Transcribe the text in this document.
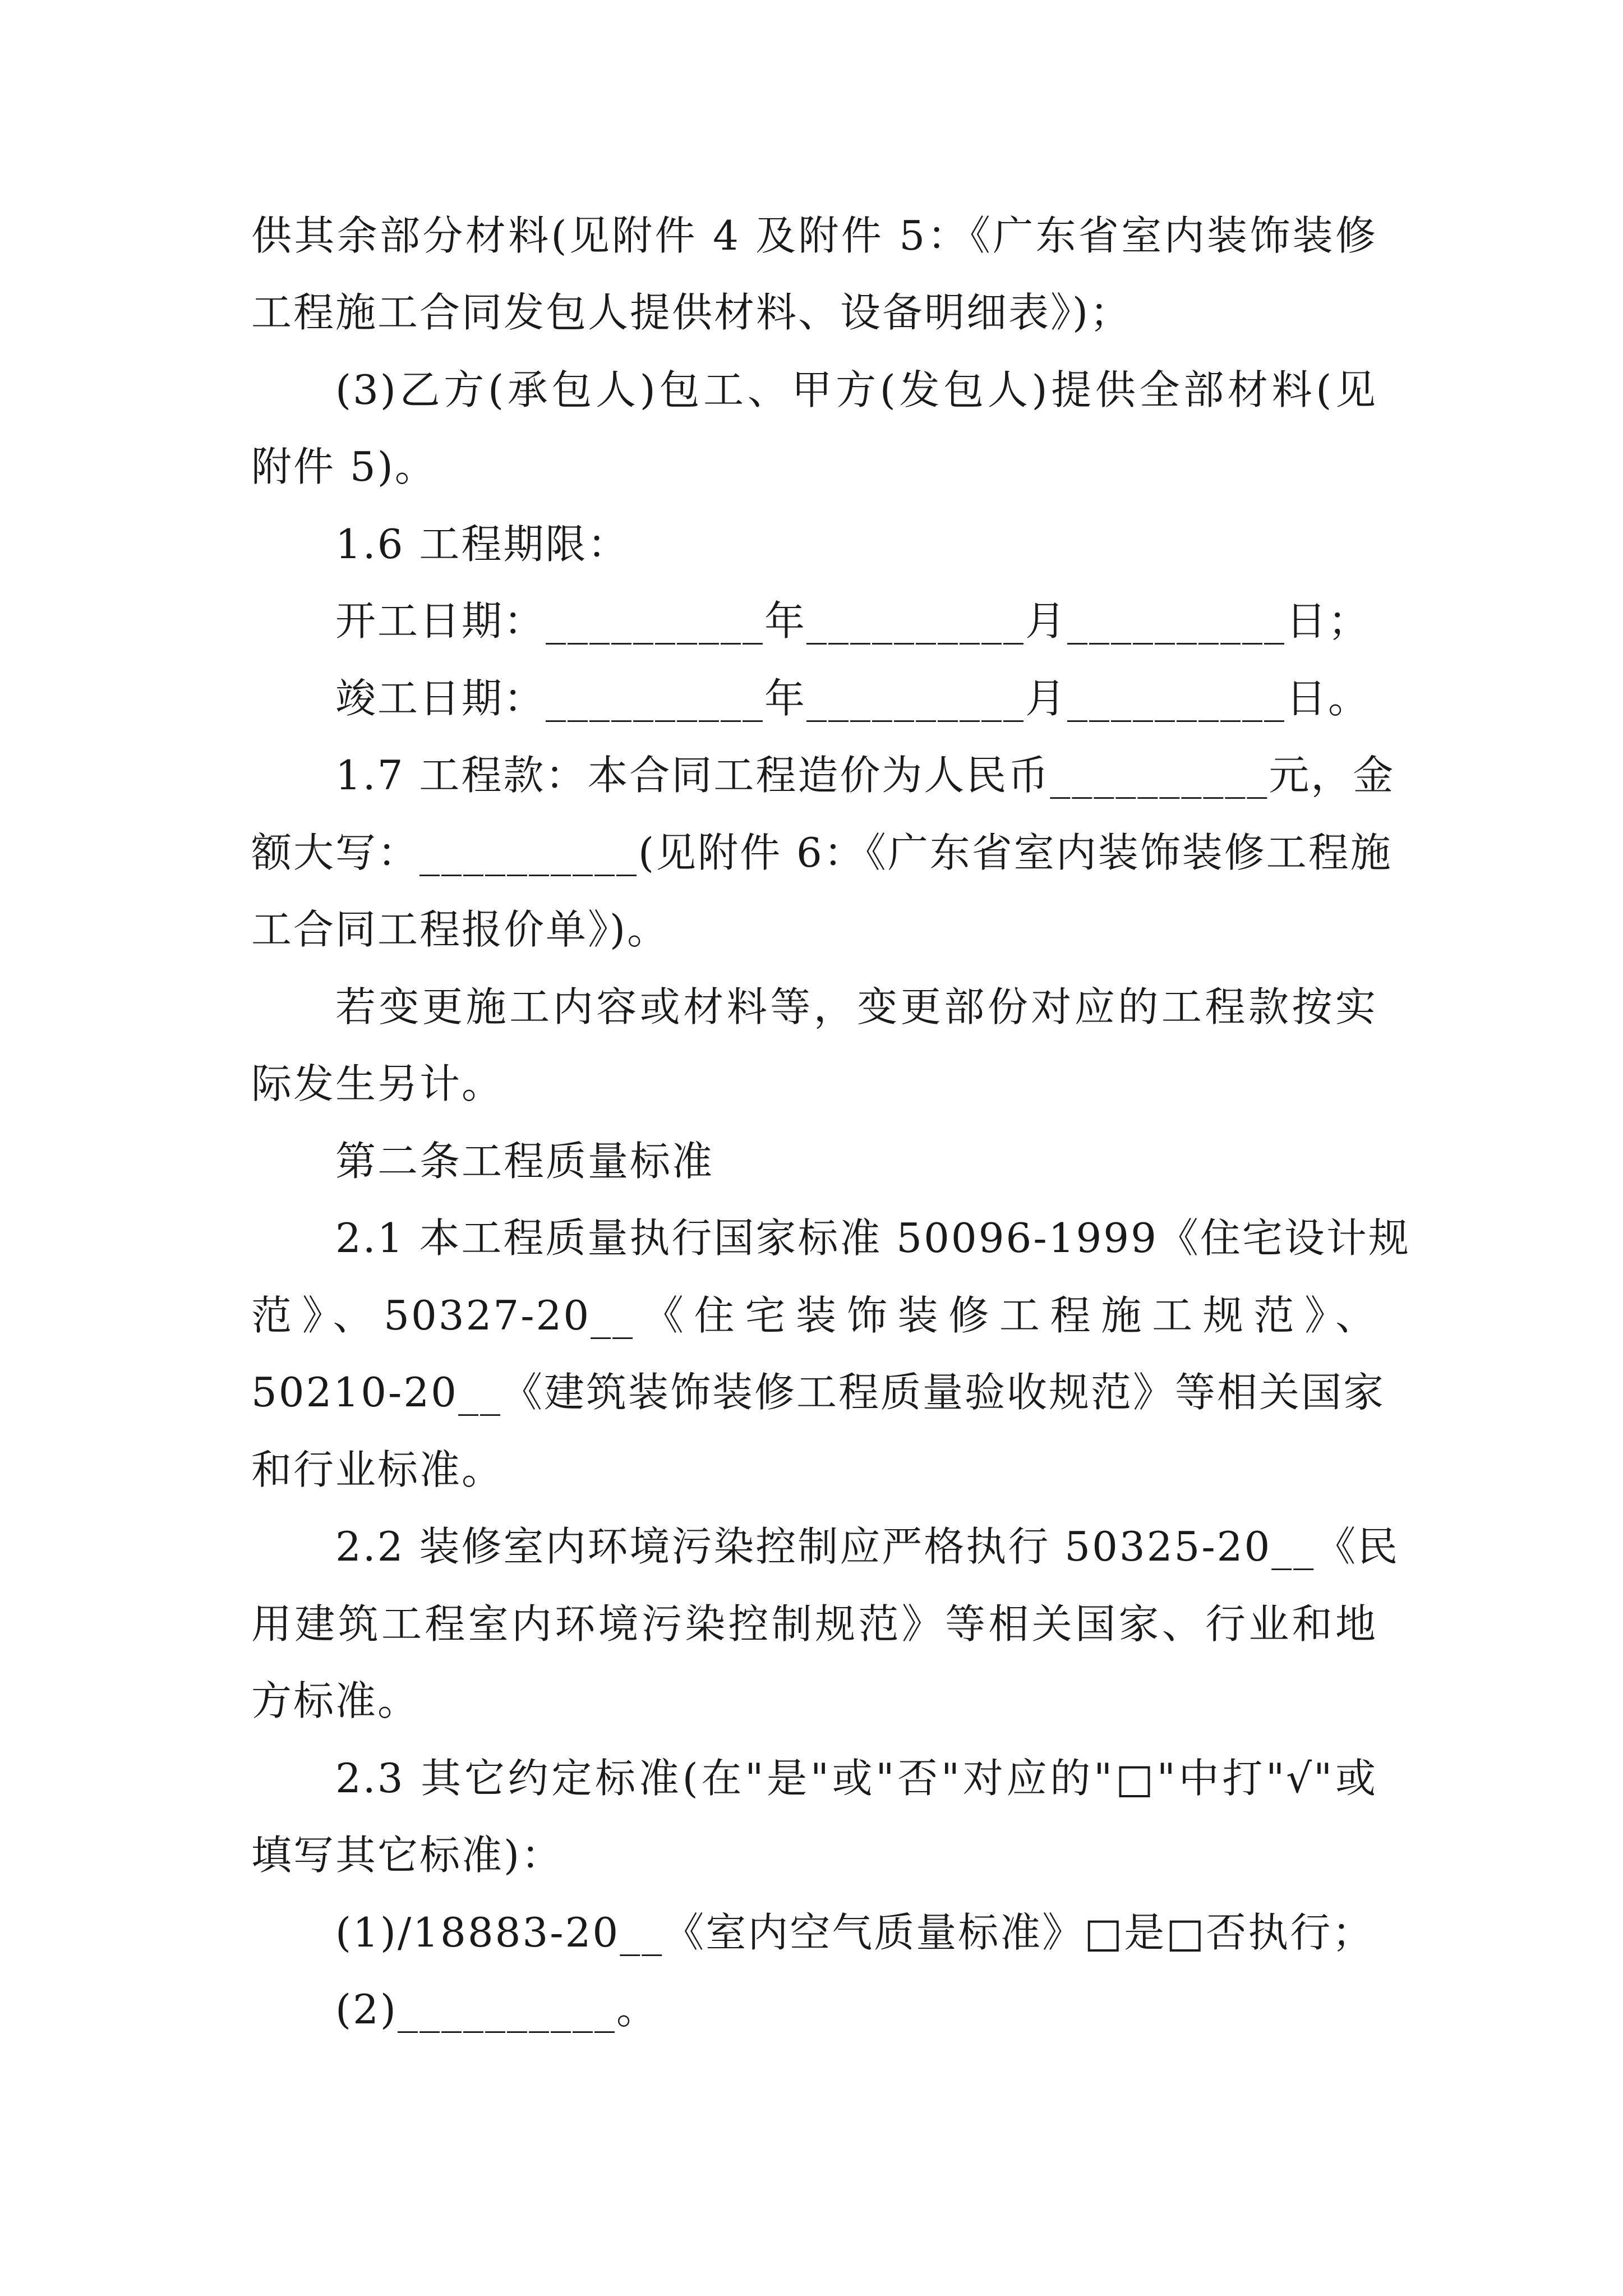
供其余部分材料(见附件 4 及附件 5：《广东省室内装饰装修

工程施工合同发包人提供材料、设备明细表》)；

(3)乙方(承包人)包工、甲方(发包人)提供全部材料(见

附件 5)。

1.6 工程期限：

开工日期：__________年__________月__________日；

竣工日期：__________年__________月__________日。

1.7 工程款：本合同工程造价为人民币__________元，金

额大写：__________(见附件 6：《广东省室内装饰装修工程施

工合同工程报价单》)。

若变更施工内容或材料等，变更部份对应的工程款按实

际发生另计。

第二条工程质量标准

2.1 本工程质量执行国家标准 50096-1999《住宅设计规

范》、50327-20__《住宅装饰装修工程施工规范》、

50210-20__《建筑装饰装修工程质量验收规范》等相关国家

和行业标准。

2.2 装修室内环境污染控制应严格执行 50325-20__《民

用建筑工程室内环境污染控制规范》等相关国家、行业和地

方标准。

2.3 其它约定标准(在"是"或"否"对应的"□"中打"√"或

填写其它标准)：

(1)/18883-20__《室内空气质量标准》□是□否执行；

(2)__________。
